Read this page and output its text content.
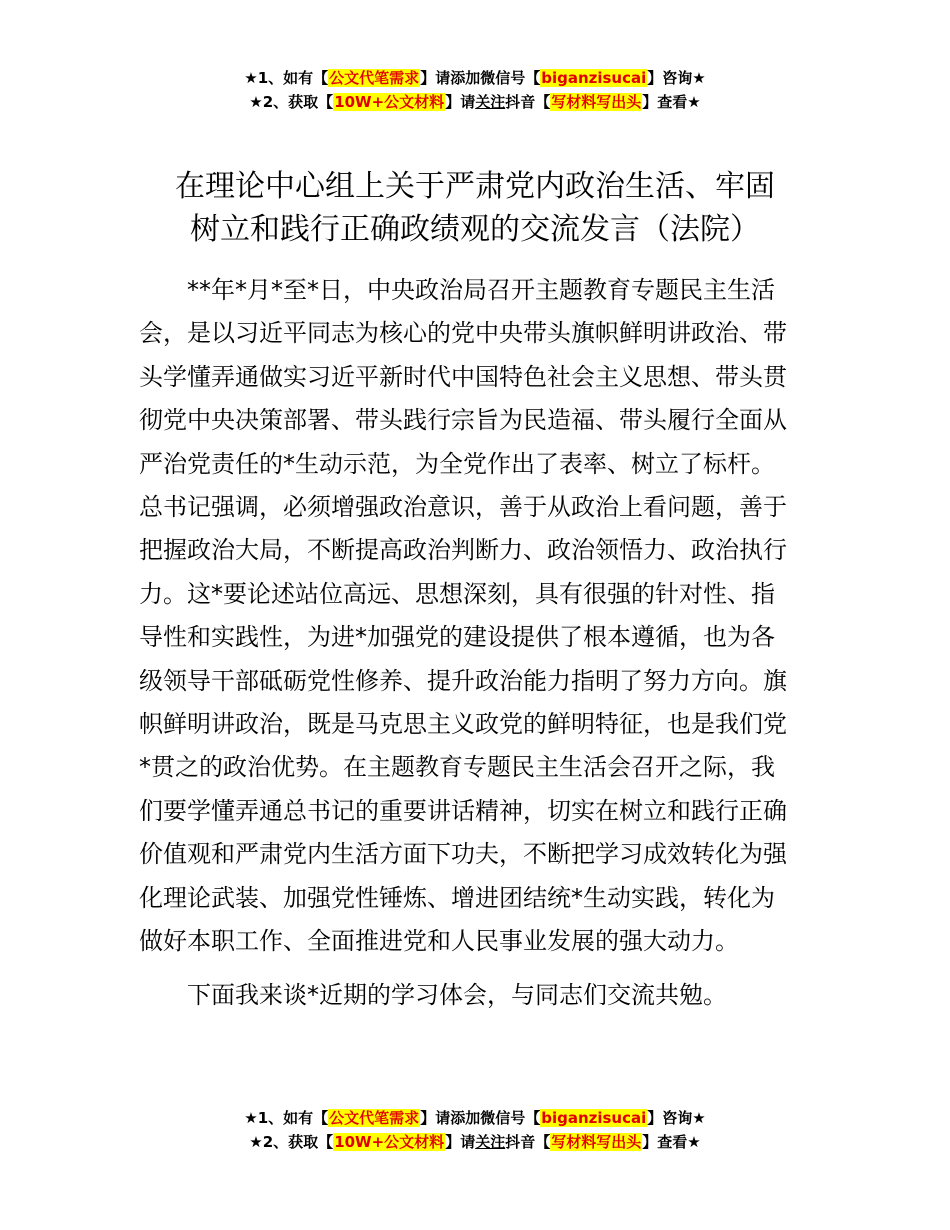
★1、如有【公文代笔需求】请添加微信号【biganzisucai】咨询★
★2、获取【10W+公文材料】请关注抖音【写材料写出头】查看★
在理论中心组上关于严肃党内政治生活、牢固
树立和践行正确政绩观的交流发言（法院）
　　**年*月*至*日，中央政治局召开主题教育专题民主生活
会，是以习近平同志为核心的党中央带头旗帜鲜明讲政治、带
头学懂弄通做实习近平新时代中国特色社会主义思想、带头贯
彻党中央决策部署、带头践行宗旨为民造福、带头履行全面从
严治党责任的*生动示范，为全党作出了表率、树立了标杆。
总书记强调，必须增强政治意识，善于从政治上看问题，善于
把握政治大局，不断提高政治判断力、政治领悟力、政治执行
力。这*要论述站位高远、思想深刻，具有很强的针对性、指
导性和实践性，为进*加强党的建设提供了根本遵循，也为各
级领导干部砥砺党性修养、提升政治能力指明了努力方向。旗
帜鲜明讲政治，既是马克思主义政党的鲜明特征，也是我们党
*贯之的政治优势。在主题教育专题民主生活会召开之际，我
们要学懂弄通总书记的重要讲话精神，切实在树立和践行正确
价值观和严肃党内生活方面下功夫，不断把学习成效转化为强
化理论武装、加强党性锤炼、增进团结统*生动实践，转化为
做好本职工作、全面推进党和人民事业发展的强大动力。
　　下面我来谈*近期的学习体会，与同志们交流共勉。
★1、如有【公文代笔需求】请添加微信号【biganzisucai】咨询★
★2、获取【10W+公文材料】请关注抖音【写材料写出头】查看★
